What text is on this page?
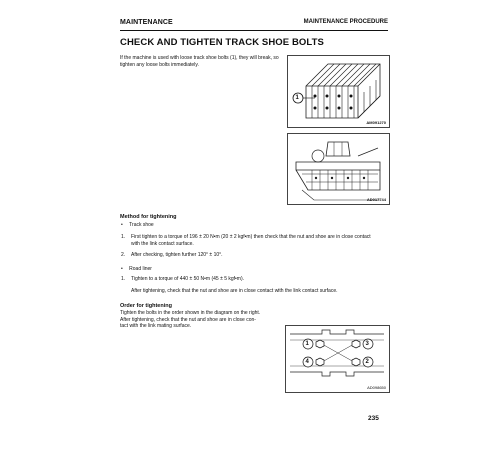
MAINTENANCE	MAINTENANCE PROCEDURE
CHECK AND TIGHTEN TRACK SHOE BOLTS
If the machine is used with loose track shoe bolts (1), they will break, so tighten any loose bolts immediately.
1
AM091270
AD017744
Method for tightening
• Track shoe
1. First tighten to a torque of 196 ± 20 N•m (20 ± 2 kgf•m) then check that the nut and shoe are in close contact
with the link contact surface.
2. After checking, tighten further 120° ± 10°.
• Road liner
1. Tighten to a torque of 440 ± 50 N•m (45 ± 5 kgf•m).
After tightening, check that the nut and shoe are in close contact with the link contact surface.
Order for tightening
Tighten the bolts in the order shown in the diagram on the right.
After tightening, check that the nut and shoe are in close con-
tact with the link mating surface.
1	3
2
4
AD098650
235
